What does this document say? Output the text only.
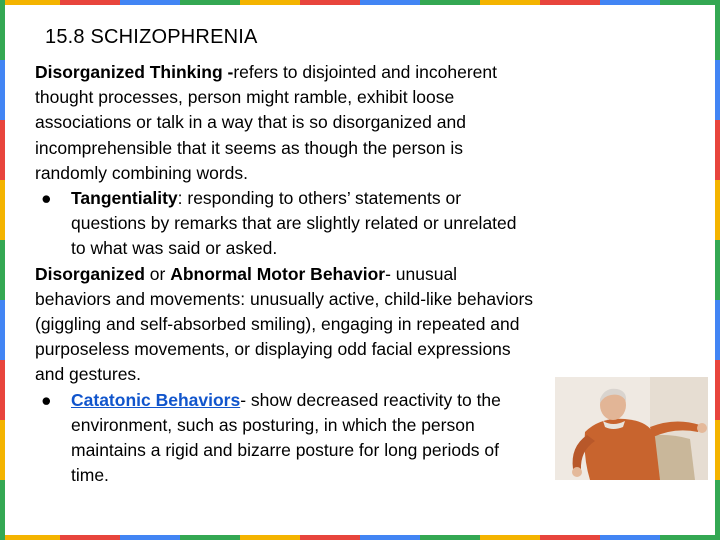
15.8 SCHIZOPHRENIA

Disorganized Thinking -refers to disjointed and incoherent thought processes, person might ramble, exhibit loose associations or talk in a way that is so disorganized and incomprehensible that it seems as though the person is randomly combining words.

● Tangentiality: responding to others’ statements or questions by remarks that are slightly related or unrelated to what was said or asked.

Disorganized or Abnormal Motor Behavior- unusual behaviors and movements: unusually active, child-like behaviors (giggling and self-absorbed smiling), engaging in repeated and purposeless movements, or displaying odd facial expressions and gestures.

● Catatonic Behaviors- show decreased reactivity to the environment, such as posturing, in which the person maintains a rigid and bizarre posture for long periods of time.
